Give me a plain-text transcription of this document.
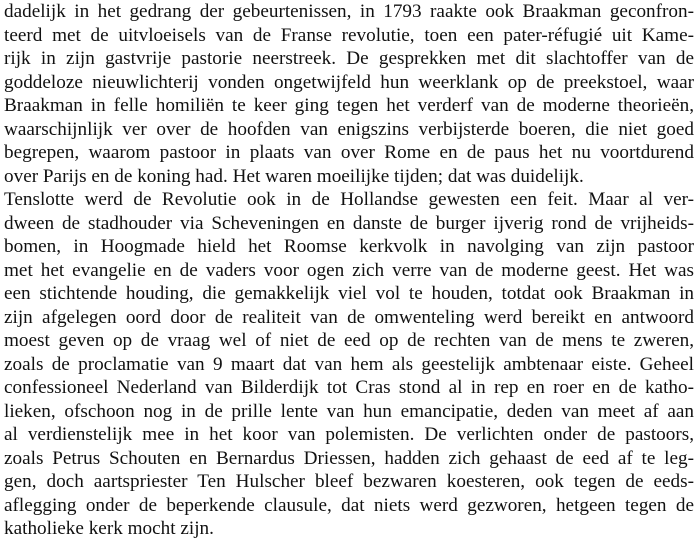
dadelijk in het gedrang der gebeurtenissen, in 1793 raakte ook Braakman geconfron-
teerd met de uitvloeisels van de Franse revolutie, toen een pater-réfugié uit Kame-
rijk in zijn gastvrije pastorie neerstreek. De gesprekken met dit slachtoffer van de
goddeloze nieuwlichterij vonden ongetwijfeld hun weerklank op de preekstoel, waar
Braakman in felle homiliën te keer ging tegen het verderf van de moderne theorieën,
waarschijnlijk ver over de hoofden van enigszins verbijsterde boeren, die niet goed
begrepen, waarom pastoor in plaats van over Rome en de paus het nu voortdurend
over Parijs en de koning had. Het waren moeilijke tijden; dat was duidelijk.
Tenslotte werd de Revolutie ook in de Hollandse gewesten een feit. Maar al ver-
dween de stadhouder via Scheveningen en danste de burger ijverig rond de vrijheids-
bomen, in Hoogmade hield het Roomse kerkvolk in navolging van zijn pastoor
met het evangelie en de vaders voor ogen zich verre van de moderne geest. Het was
een stichtende houding, die gemakkelijk viel vol te houden, totdat ook Braakman in
zijn afgelegen oord door de realiteit van de omwenteling werd bereikt en antwoord
moest geven op de vraag wel of niet de eed op de rechten van de mens te zweren,
zoals de proclamatie van 9 maart dat van hem als geestelijk ambtenaar eiste. Geheel
confessioneel Nederland van Bilderdijk tot Cras stond al in rep en roer en de katho-
lieken, ofschoon nog in de prille lente van hun emancipatie, deden van meet af aan
al verdienstelijk mee in het koor van polemisten. De verlichten onder de pastoors,
zoals Petrus Schouten en Bernardus Driessen, hadden zich gehaast de eed af te leg-
gen, doch aartspriester Ten Hulscher bleef bezwaren koesteren, ook tegen de eeds-
aflegging onder de beperkende clausule, dat niets werd gezworen, hetgeen tegen de
katholieke kerk mocht zijn.
